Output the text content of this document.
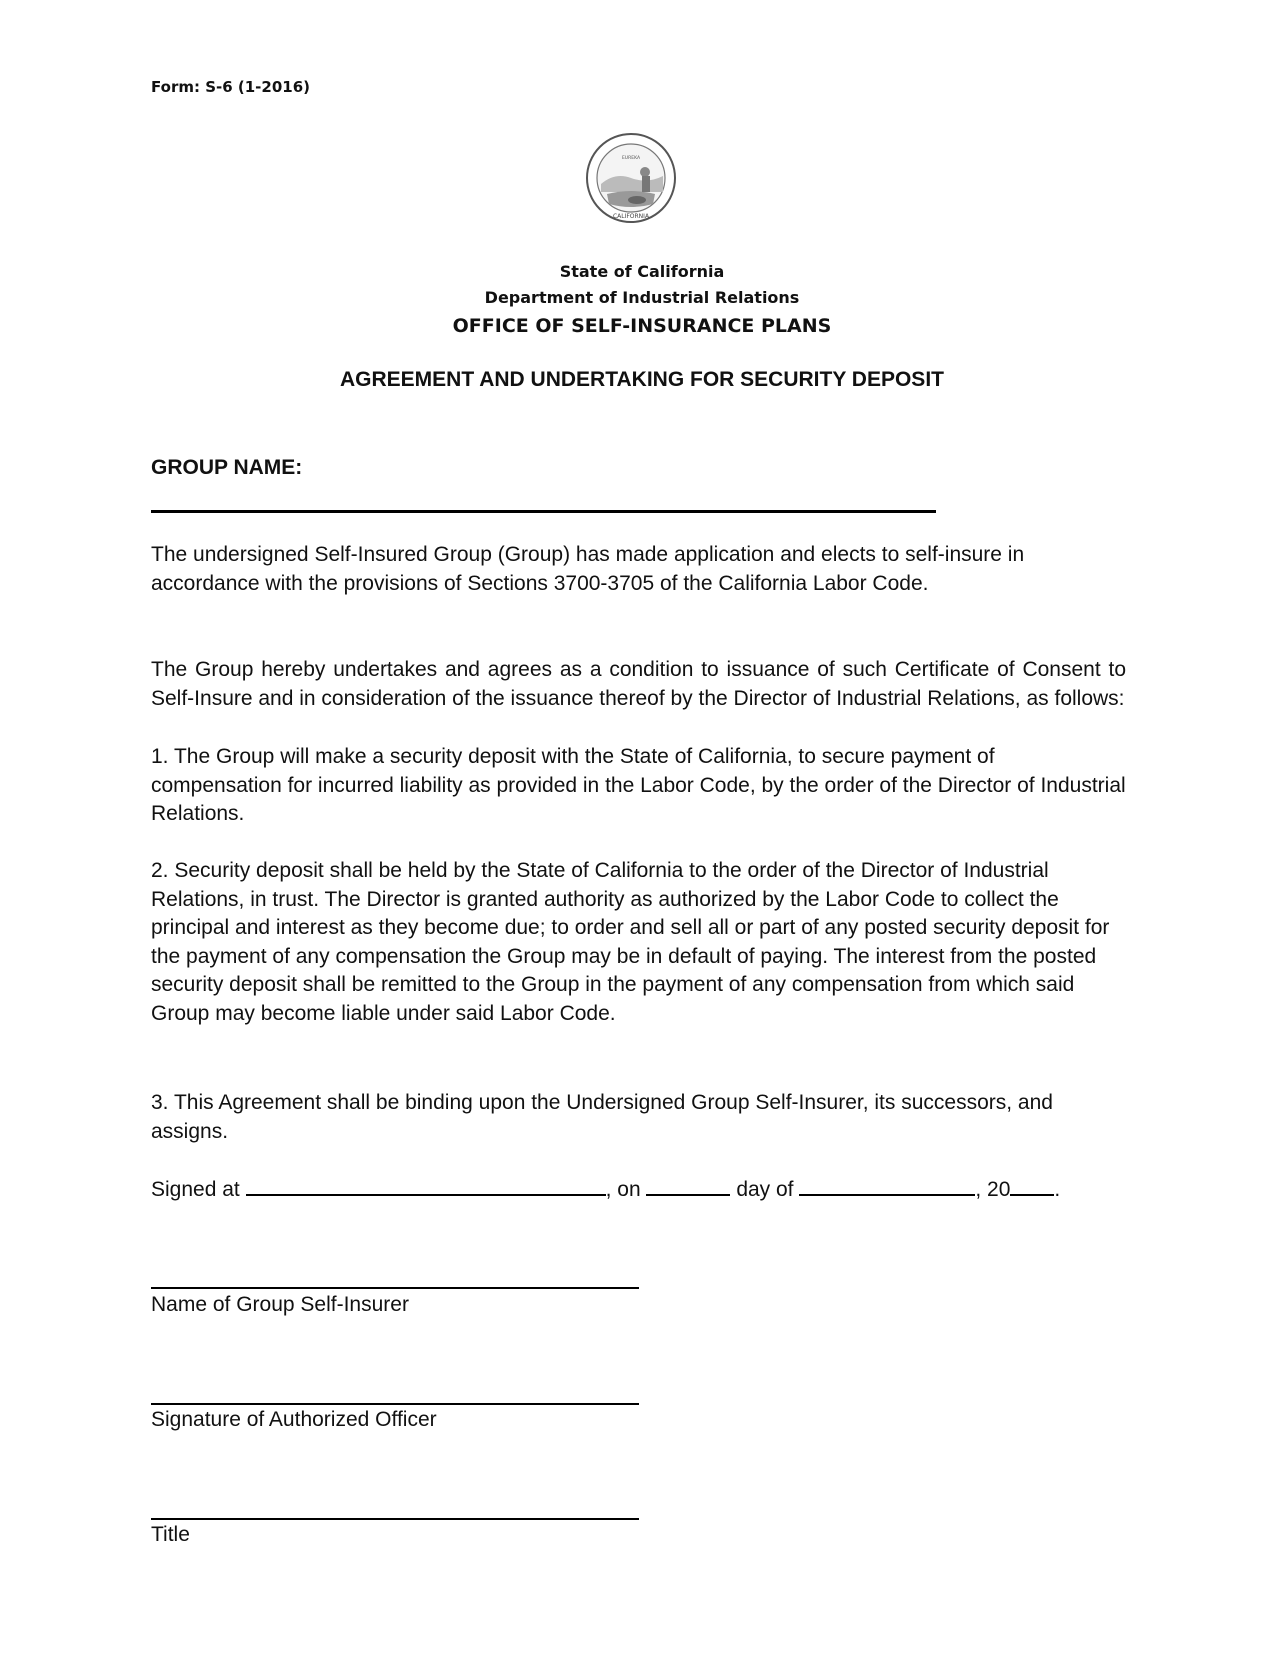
Form: S-6 (1-2016)
EUREKA
CALIFORNIA
State of California
Department of Industrial Relations
OFFICE OF SELF-INSURANCE PLANS
AGREEMENT AND UNDERTAKING FOR SECURITY DEPOSIT
GROUP NAME:
The undersigned Self-Insured Group (Group) has made application and elects to self-insure in accordance with the provisions of Sections 3700-3705 of the California Labor Code.
The Group hereby undertakes and agrees as a condition to issuance of such Certificate of Consent to Self-Insure and in consideration of the issuance thereof by the Director of Industrial Relations, as follows:
1. The Group will make a security deposit with the State of California, to secure payment of compensation for incurred liability as provided in the Labor Code, by the order of the Director of Industrial Relations.
2. Security deposit shall be held by the State of California to the order of the Director of Industrial Relations, in trust. The Director is granted authority as authorized by the Labor Code to collect the principal and interest as they become due; to order and sell all or part of any posted security deposit for the payment of any compensation the Group may be in default of paying. The interest from the posted security deposit shall be remitted to the Group in the payment of any compensation from which said Group may become liable under said Labor Code.
3. This Agreement shall be binding upon the Undersigned Group Self-Insurer, its successors, and assigns.
Signed at	, on	day of	, 20 .
Name of Group Self-Insurer
Signature of Authorized Officer
Title
